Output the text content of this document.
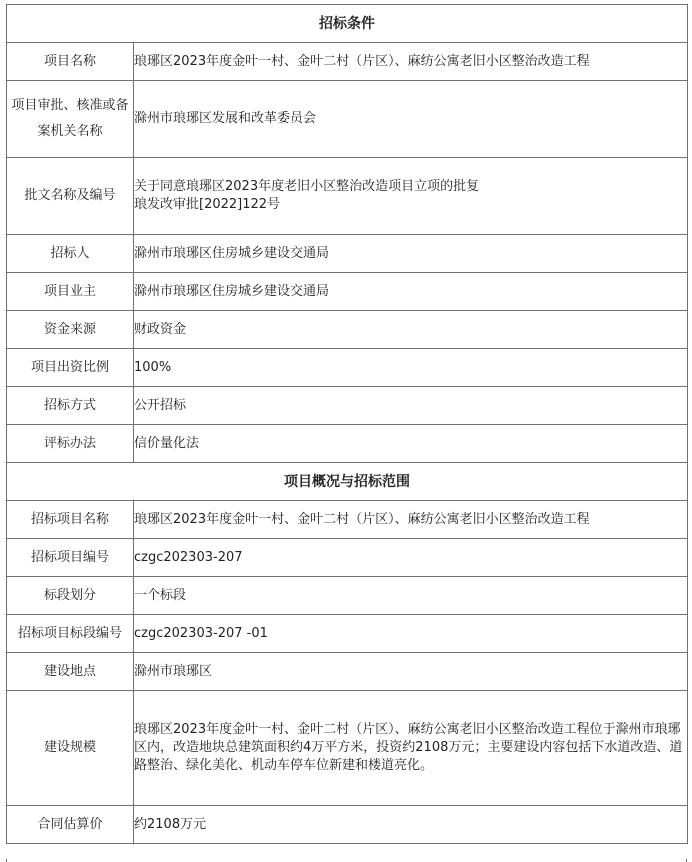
招标条件	
项目名称	琅琊区2023年度金叶一村、金叶二村（片区）、麻纺公寓老旧小区整治改造工程
项目审批、核准或备案机关名称	滁州市琅琊区发展和改革委员会
批文名称及编号	关于同意琅琊区2023年度老旧小区整治改造项目立项的批复
琅发改审批[2022]122号

招标人	滁州市琅琊区住房城乡建设交通局
项目业主	滁州市琅琊区住房城乡建设交通局
资金来源	财政资金
项目出资比例	100%
招标方式	公开招标
评标办法	信价量化法
项目概况与招标范围	
招标项目名称	琅琊区2023年度金叶一村、金叶二村（片区）、麻纺公寓老旧小区整治改造工程
招标项目编号	czgc202303-207
标段划分	一个标段
招标项目标段编号	czgc202303-207 -01
建设地点	滁州市琅琊区
建设规模	琅琊区2023年度金叶一村、金叶二村（片区）、麻纺公寓老旧小区整治改造工程位于滁州市琅琊区内，改造地块总建筑面积约4万平方米，投资约2108万元；主要建设内容包括下水道改造、道路整治、绿化美化、机动车停车位新建和楼道亮化。
合同估算价	约2108万元
